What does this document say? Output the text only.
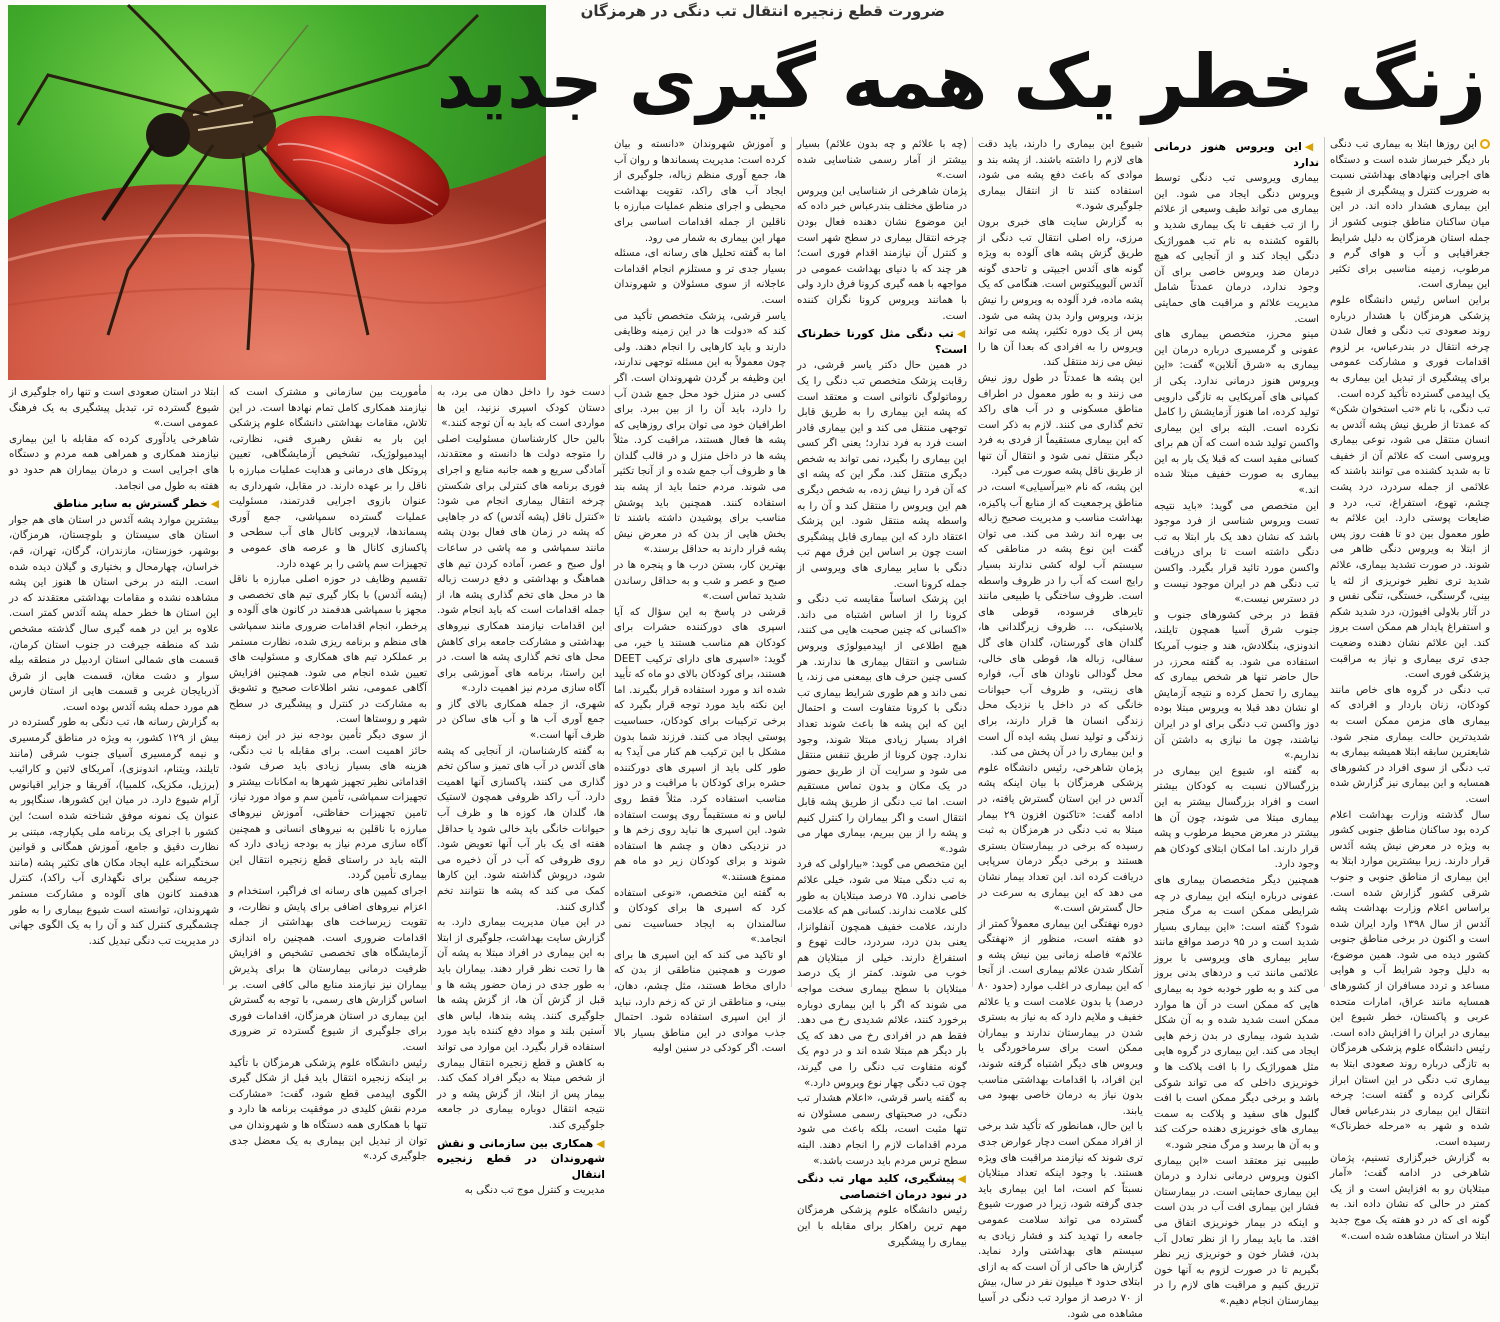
ضرورت قطع زنجیره انتقال تب دنگی در هرمزگان
زنگ خطر یک همه گیری جدید

این روزها ابتلا به بیماری تب دنگی بار دیگر خبرساز شده است و دستگاه های اجرایی ونهادهای بهداشتی نسبت به ضرورت کنترل و پیشگیری از شیوع این بیماری هشدار داده اند. در این میان ساکنان مناطق جنوبی کشور از جمله استان هرمزگان به دلیل شرایط جغرافیایی و آب و هوای گرم و مرطوب، زمینه مناسبی برای تکثیر این بیماری است.

براین اساس رئیس دانشگاه علوم پزشکی هرمزگان با هشدار درباره روند صعودی تب دنگی و فعال شدن چرخه انتقال در بندرعباس، بر لزوم اقدامات فوری و مشارکت عمومی برای پیشگیری از تبدیل این بیماری به یک اپیدمی گسترده تأکید کرده است.

تب دنگی، با نام «تب استخوان شکن» که عمدتا از طریق نیش پشه آئدس به انسان منتقل می شود، نوعی بیماری ویروسی است که علائم آن از خفیف تا به شدید کشنده می توانند باشند که علائمی از جمله سردرد، درد پشت چشم، تهوع، استفراغ، تب، درد و ضایعات پوستی دارد. این علائم به طور معمول بین دو تا هفت روز پس از ابتلا به ویروس دنگی ظاهر می شوند. در صورت تشدید بیماری، علائم شدید تری نظیر خونریزی از لثه یا بینی، گرسنگی، خستگی، تنگی نفس و در آثار بلاولی افیوژن، درد شدید شکم و استفراغ پایدار هم ممکن است بروز کند. این علائم نشان دهنده وضعیت جدی تری بیماری و نیاز به مراقبت پزشکی فوری است.

تب دنگی در گروه های خاص مانند کودکان، زنان باردار و افرادی که بیماری های مزمن ممکن است به شدیدترین حالت بیماری منجر شود. شایعترین سابقه ابتلا همیشه بیماری به تب دنگی از سوی افراد در کشورهای همسایه و این بیماری نیز گزارش شده است.

سال گذشته وزارت بهداشت اعلام کرده بود ساکنان مناطق جنوبی کشور به ویژه در معرض نیش پشه آئدس قرار دارند. زیرا بیشترین موارد ابتلا به این بیماری از مناطق جنوبی و جنوب شرقی کشور گزارش شده است. براساس اعلام وزارت بهداشت پشه آئدس از سال ۱۳۹۸ وارد ایران شده است و اکنون در برخی مناطق جنوبی کشور دیده می شود. همین موضوع، به دلیل وجود شرایط آب و هوایی مساعد و تردد مسافران از کشورهای همسایه مانند عراق، امارات متحده عربی و پاکستان، خطر شیوع این بیماری در ایران را افزایش داده است.

رئیس دانشگاه علوم پزشکی هرمزگان به تازگی درباره روند صعودی ابتلا به بیماری تب دنگی در این استان ابراز نگرانی کرده و گفته است: چرخه انتقال این بیماری در بندرعباس فعال شده و شهر به «مرحله خطرناک» رسیده است.

به گزارش خبرگزاری تسنیم، پژمان شاهرخی در ادامه گفت: «آمار مبتلایان رو به افزایش است و از یک کمتر در حالی که نشان داده اند. به گونه ای که در دو هفته یک موج جدید ابتلا در استان مشاهده شده است.»

◀این ویروس هنوز درمانی ندارد

بیماری ویروسی تب دنگی توسط ویروس دنگی ایجاد می شود. این بیماری می تواند طیف وسیعی از علائم را از تب خفیف تا یک بیماری شدید و بالقوه کشنده به نام تب هموراژیک دنگی ایجاد کند و از آنجایی که هیچ درمان ضد ویروس خاصی برای آن وجود ندارد، درمان عمدتاً شامل مدیریت علائم و مراقبت های حمایتی است.

مینو محرز، متخصص بیماری های عفونی و گرمسیری درباره درمان این بیماری به «شرق آنلاین» گفت: «این ویروس هنوز درمانی ندارد. یکی از کمپانی های آمریکایی به تازگی دارویی تولید کرده، اما هنوز آزمایشش را کامل نکرده است. البته برای این بیماری واکسن تولید شده است که آن هم برای کسانی مفید است که قبلا یک بار به این بیماری به صورت خفیف مبتلا شده اند.»

این متخصص می گوید: «باید نتیجه تست ویروس شناسی از فرد موجود باشد که نشان دهد یک بار ابتلا به تب دنگی داشته است تا برای دریافت واکسن مورد تائید قرار بگیرد. واکسن تب دنگی هم در ایران موجود نیست و در دسترس نیست.»

فقط در برخی کشورهای جنوب و جنوب شرق آسیا همچون تایلند، اندونزی، بنگلادش، هند و جنوب آمریکا استفاده می شود. به گفته محرز، در حال حاضر تنها هر شخص بیماری که بیماری را تحمل کرده و نتیجه آزمایش او نشان دهد قبلا به ویروس مبتلا بوده دوز واکسن تب دنگی برای او در ایران نیاشند، چون ما نیازی به داشتن آن نداریم.»

به گفته او، شیوع این بیماری در بزرگسالان نسبت به کودکان بیشتر است و افراد بزرگسال بیشتر به این بیماری مبتلا می شوند، چون آن ها بیشتر در معرض محیط مرطوب و پشه قرار دارند. اما امکان ابتلای کودکان هم وجود دارد.

همچنین دیگر متخصصان بیماری های عفونی درباره اینکه این بیماری در چه شرایطی ممکن است به مرگ منجر شود؟ گفته است: «این بیماری بسیار شدید است و در ۹۵ درصد مواقع مانند سایر بیماری های ویروسی با بروز علائمی مانند تب و دردهای بدنی بروز می کند و به طور خودبه خود به بیماری هایی که ممکن است در آن ها موارد ممکن است شدید شده و به آن شکل شدید شود، بیماری در بدن زخم هایی ایجاد می کند. این بیماری در گروه هایی مثل هموراژیک را با افت پلاکت ها و خونریزی داخلی که می تواند شوکی باشد و برخی دیگر ممکن است با افت گلبول های سفید و پلاکت به سمت بیماری های خونریزی دهنده حرکت کند و به آن ها برسد و مرگ منجر شود.»

طبیبی نیز معتقد است «این بیماری اکنون ویروس درمانی ندارد و درمان این بیماری حمایتی است. در بیمارستان فشار این بیماری افت آب در بدن است و اینکه در بیمار خونریزی اتفاق می افتد. ما باید بیمار را از نظر تعادل آب بدن، فشار خون و خونریزی زیر نظر بگیریم تا در صورت لزوم به آنها خون تزریق کنیم و مراقبت های لازم را در بیمارستان انجام دهیم.»

شیوع این بیماری را دارند، باید دقت های لازم را داشته باشند. از پشه بند و موادی که باعث دفع پشه می شود، استفاده کنند تا از انتقال بیماری جلوگیری شود.»

به گزارش سایت های خبری برون مرزی، راه اصلی انتقال تب دنگی از طریق گزش پشه های آلوده به ویژه گونه های آئدس اجیپتی و تاحدی گونه آئدس آلبوپیکتوس است. هنگامی که یک پشه ماده، فرد آلوده به ویروس را نیش بزند، ویروس وارد بدن پشه می شود. پس از یک دوره تکثیر، پشه می تواند ویروس را به افرادی که بعدا آن ها را نیش می زند منتقل کند.

این پشه ها عمدتاً در طول روز نیش می زنند و به طور معمول در اطراف مناطق مسکونی و در آب های راکد تخم گذاری می کنند. لازم به ذکر است که این بیماری مستقیماً از فردی به فرد دیگر منتقل نمی شود و انتقال آن تنها از طریق ناقل پشه صورت می گیرد.

این پشه، که نام «بیرآسیایی» است، در مناطق پرجمعیت که از منابع آب پاکیزه، بهداشت مناسب و مدیریت صحیح زباله بی بهره اند رشد می کند. می توان گفت این نوع پشه در مناطقی که سیستم آب لوله کشی ندارند بسیار رایج است که آب را در ظروف واسطه است. ظروف ساختگی یا طبیعی مانند تایرهای فرسوده، قوطی های پلاستیکی، ... ظروف زیرگلدانی ها، گلدان های گورستان، گلدان های گل سفالی، زباله ها، قوطی های خالی، محل گودالی ناودان های آب، فواره های زینتی، و ظروف آب حیوانات خانگی که در داخل یا نزدیک محل زندگی انسان ها قرار دارند، برای زندگی و تولید نسل پشه ایده آل است و این بیماری را در آن پخش می کند.

پژمان شاهرخی، رئیس دانشگاه علوم پزشکی هرمزگان با بیان اینکه پشه آئدس در این استان گسترش یافته، در ادامه گفت: «تاکنون افزون ۲۹ بیمار مبتلا به تب دنگی در هرمزگان به ثبت رسیده که برخی در بیمارستان بستری هستند و برخی دیگر درمان سرپایی دریافت کرده اند. این تعداد بیمار نشان می دهد که این بیماری به سرعت در حال گسترش است.»

دوره نهفتگی این بیماری معمولاً کمتر از دو هفته است، منظور از «نهفتگی علائم» فاصله زمانی بین نیش پشه و آشکار شدن علائم بیماری است. از آنجا که این بیماری در اغلب موارد (حدود ۸۰ درصد) یا بدون علامت است و یا علائم خفیف و ملایم دارد که به نیاز به بستری شدن در بیمارستان ندارند و بیماران ممکن است برای سرماخوردگی یا ویروس های دیگر اشتباه گرفته شوند، این افراد، با اقدامات بهداشتی مناسب بدون نیاز به درمان خاصی بهبود می یابند.

با این حال، همانطور که تأکید شد برخی از افراد ممکن است دچار عوارض جدی تری شوند که نیازمند مراقبت های ویژه هستند. با وجود اینکه تعداد مبتلایان نسبتاً کم است، اما این بیماری باید جدی گرفته شود، زیرا در صورت شیوع گسترده می تواند سلامت عمومی جامعه را تهدید کند و فشار زیادی به سیستم های بهداشتی وارد نماید. گزارش ها حاکی از آن است که به ازای ابتلای حدود ۴ میلیون نفر در سال، بیش از ۷۰ درصد از موارد تب دنگی در آسیا مشاهده می شود.

(چه با علائم و چه بدون علائم) بسیار بیشتر از آمار رسمی شناسایی شده است.»

پژمان شاهرخی از شناسایی این ویروس در مناطق مختلف بندرعباس خبر داده که این موضوع نشان دهنده فعال بودن چرخه انتقال بیماری در سطح شهر است و کنترل آن نیازمند اقدام فوری است؛ هر چند که با دنیای بهداشت عمومی در مواجهه با همه گیری کرونا فرق دارد ولی با همانند ویروس کرونا نگران کننده است.

◀تب دنگی مثل کورنا خطرناک است؟

در همین حال دکتر یاسر قرشی، در رقابت پزشک متخصص تب دنگی را یک روماتولوگ ناتوانی است و معتقد است که پشه این بیماری را به طریق قابل توجهی منتقل می کند و این بیماری قادر است فرد به فرد ندارد؛ یعنی اگر کسی این بیماری را بگیرد، نمی تواند به شخص دیگری منتقل کند. مگر این که پشه ای که آن فرد را نیش زده، به شخص دیگری هم این ویروس را منتقل کند و آن را به واسطه پشه منتقل شود. این پزشک اعتقاد دارد که این بیماری قابل پیشگیری است چون بر اساس این فرق مهم تب دنگی با سایر بیماری های ویروسی از جمله کرونا است.

این پزشک اساساً مقایسه تب دنگی و کرونا را از اساس اشتباه می داند. «اکسانی که چنین صحبت هایی می کنند، هیچ اطلاعی از اپیدمیولوژی ویروس شناسی و انتقال بیماری ها ندارند. هر کسی چنین حرف های بیمعنی می زند، یا نمی داند و هم طوری شرایط بیماری تب دنگی با کرونا متفاوت است و احتمال این که این پشه ها باعث شوند تعداد افراد بسیار زیادی مبتلا شوند، وجود ندارد. چون کرونا از طریق تنفس منتقل می شود و سرایت آن از طریق حضور در یک مکان و بدون تماس مستقیم است. اما تب دنگی از طریق پشه قابل انتقال است و اگر بیماران را کنترل کنیم و پشه را از بین ببریم، بیماری مهار می شود.»

این متخصص می گوید: «بیاراولی که فرد به تب دنگی مبتلا می شود، خیلی علائم خاصی ندارد. ۷۵ درصد مبتلایان به طور کلی علامت ندارند. کسانی هم که علامت دارند، علامت خفیف همچون آنفلوانزا، یعنی بدن درد، سردرد، حالت تهوع و استفراغ دارند. خیلی از مبتلایان هم خوب می شوند. کمتر از یک درصد مبتلایان با سطح بیماری سخت مواجه می شوند که اگر با این بیماری دوباره برخورد کنند، علائم شدیدی رخ می دهد. فقط هم در افرادی رخ می دهد که یک بار دیگر هم مبتلا شده اند و در دوم یک گونه متفاوت تب دنگی را می گیرند، چون تب دنگی چهار نوع ویروس دارد.»

به گفته یاسر قرشی، «اعلام هشدار تب دنگی، در صحبتهای رسمی مسئولان نه تنها مثبت است، بلکه باعث می شود مردم اقدامات لازم را انجام دهند. البته سطح ترس مردم باید درست باشد.»

◀پیشگیری، کلید مهار تب دنگی در نبود درمان اختصاصی

رئیس دانشگاه علوم پزشکی هرمزگان مهم ترین راهکار برای مقابله با این بیماری را پیشگیری

و آموزش شهروندان «دانسته و بیان کرده است: مدیریت پسماندها و روان آب ها، جمع آوری منظم زباله، جلوگیری از ایجاد آب های راکد، تقویت بهداشت محیطی و اجرای منظم عملیات مبارزه با ناقلین از جمله اقدامات اساسی برای مهار این بیماری به شمار می رود.

اما به گفته تحلیل های رسانه ای، مسئله بسیار جدی تر و مستلزم انجام اقدامات عاجلانه از سوی مسئولان و شهروندان است.

یاسر قرشی، پزشک متخصص تأکید می کند که «دولت ها در این زمینه وظایفی دارند و باید کارهایی را انجام دهند. ولی چون معمولاً به این مسئله توجهی ندارند، این وظیفه بر گردن شهروندان است. اگر کسی در منزل خود محل جمع شدن آب را دارد، باید آن را از بین ببرد. برای اطرافیان خود می توان برای روزهایی که پشه ها فعال هستند، مراقبت کرد. مثلاً پشه ها در داخل منزل و در قالب گلدان ها و ظروف آب جمع شده و از آنجا تکثیر می شوند. مردم حتما باید از پشه بند استفاده کنند. همچنین باید پوشش مناسب برای پوشیدن داشته باشند تا بخش هایی از بدن که در معرض نیش پشه قرار دارند به حداقل برسند.»

بهترین کار، بستن درب ها و پنجره ها در صبح و عصر و شب و به حداقل رساندن شدید تماس است.»

قرشی در پاسخ به این سؤال که آیا اسپری های دورکننده حشرات برای کودکان هم مناسب هستند یا خیر، می گوید: «اسپری های دارای ترکیب DEET هستند، برای کودکان بالای دو ماه که تأیید شده اند و مورد استفاده قرار بگیرند. اما این نکته باید مورد توجه قرار بگیرد که برخی ترکیبات برای کودکان، حساسیت پوستی ایجاد می کنند. فرزند شما بدون مشکل با این ترکیب هم کنار می آید؟ به طور کلی باید از اسپری های دورکننده حشره برای کودکان با مراقبت و در دوز مناسب استفاده کرد. مثلاً فقط روی لباس و نه مستقیماً روی پوست استفاده شود. این اسپری ها نباید روی زخم ها و در نزدیکی دهان و چشم ها استفاده شوند و برای کودکان زیر دو ماه هم ممنوع هستند.»

به گفته این متخصص، «نوعی استفاده کرد که اسپری ها برای کودکان و سالمندان به ایجاد حساسیت نمی انجامد.»

او تاکید می کند که این اسپری ها برای صورت و همچنین مناطقی از بدن که دارای مخاط هستند، مثل چشم، دهان، بینی، و مناطقی از تن که زخم دارد، نباید از این اسپری استفاده شود. احتمال جذب موادی در این مناطق بسیار بالا است. اگر کودکی در سنین اولیه

دست خود را داخل دهان می برد، به دستان کودک اسپری نزنید، این ها مواردی است که باید به آن توجه کنند.»

بالین حال کارشناسان مسئولیت اصلی را متوجه دولت ها دانسته و معتقدند، آمادگی سریع و همه جانبه منابع و اجرای فوری برنامه های کنترلی برای شکستن چرخه انتقال بیماری انجام می شود: «کنترل ناقل (پشه آئدس) که در جاهایی که پشه در زمان های فعال بودن پشه مانند سمپاشی و مه پاشی در ساعات اول صبح و عصر، آماده کردن تیم های هماهنگ و بهداشتی و دفع درست زباله ها در محل های تخم گذاری پشه ها، از جمله اقدامات است که باید انجام شود. این اقدامات نیازمند همکاری نیروهای بهداشتی و مشارکت جامعه برای کاهش محل های تخم گذاری پشه ها است. در این راستا، برنامه های آموزشی برای آگاه سازی مردم نیز اهمیت دارد.»

شهری، از جمله همکاری بالای گاز و جمع آوری آب ها و آب های ساکن در ظرف آنها است.»

به گفته کارشناسان، از آنجایی که پشه های آئدس در آب های تمیز و ساکن تخم گذاری می کنند، پاکسازی آنها اهمیت دارد. آب راکد ظروفی همچون لاستیک ها، گلدان ها، کوزه ها و ظرف آب حیوانات خانگی باید خالی شود یا حداقل هفته ای یک بار آب آنها تعویض شود. روی ظروفی که آب در آن ذخیره می شود، درپوش گذاشته شود. این کارها کمک می کند که پشه ها نتوانند تخم گذاری کنند.

در این میان مدیریت بیماری دارد. به گزارش سایت بهداشت، جلوگیری از ابتلا به این بیماری در افراد مبتلا به پشه آن ها را تحت نظر قرار دهند. بیماران باید به طور جدی در زمان حضور پشه ها و قبل از گزش آن ها، از گزش پشه ها جلوگیری کنند. پشه بندها، لباس های آستین بلند و مواد دفع کننده باید مورد استفاده قرار بگیرد. این موارد می تواند به کاهش و قطع زنجیره انتقال بیماری از شخص مبتلا به دیگر افراد کمک کند. بیمار پس از ابتلا، از گزش پشه و در نتیجه انتقال دوباره بیماری در جامعه جلوگیری کند.

◀همکاری بین سازمانی و نقش شهروندان در قطع زنجیره انتقال

مدیریت و کنترل موج تب دنگی به

مأموریت بین سازمانی و مشترک است که نیازمند همکاری کامل تمام نهادها است. در این تلاش، مقامات بهداشتی دانشگاه علوم پزشکی این بار به نقش رهبری فنی، نظارتی، اپیدمیولوژیک، تشخیص آزمایشگاهی، تعیین پروتکل های درمانی و هدایت عملیات مبارزه با ناقل را بر عهده دارند. در مقابل، شهرداری به عنوان بازوی اجرایی قدرتمند، مسئولیت عملیات گسترده سمپاشی، جمع آوری پسماندها، لایروبی کانال های آب سطحی و پاکسازی کانال ها و عرصه های عمومی و تجهیزات سم پاشی را بر عهده دارد.

تقسیم وظایف در حوزه اصلی مبارزه با ناقل (پشه آئدس) با بکار گیری تیم های تخصصی و مجهز با سمپاشی هدفمند در کانون های آلوده و پرخطر، انجام اقدامات ضروری مانند سمپاشی های منظم و برنامه ریزی شده، نظارت مستمر بر عملکرد تیم های همکاری و مسئولیت های تعیین شده انجام می شود. همچنین افزایش آگاهی عمومی، نشر اطلاعات صحیح و تشویق به مشارکت در کنترل و پیشگیری در سطح شهر و روستاها است.

از سوی دیگر تأمین بودجه نیز در این زمینه حائز اهمیت است. برای مقابله با تب دنگی، هزینه های بسیار زیادی باید صرف شود. اقداماتی نظیر تجهیز شهرها به امکانات بیشتر و تجهیزات سمپاشی، تأمین سم و مواد مورد نیاز، تامین تجهیزات حفاظتی، آموزش نیروهای مبارزه با ناقلین به نیروهای انسانی و همچنین آگاه سازی مردم نیاز به بودجه زیادی دارد که البته باید در راستای قطع زنجیره انتقال این بیماری تأمین گردد.

اجرای کمپین های رسانه ای فراگیر، استخدام و اعزام نیروهای اضافی برای پایش و نظارت، و تقویت زیرساخت های بهداشتی از جمله اقدامات ضروری است. همچنین راه اندازی آزمایشگاه های تخصصی تشخیص و افزایش ظرفیت درمانی بیمارستان ها برای پذیرش بیماران نیز نیازمند منابع مالی کافی است. بر اساس گزارش های رسمی، با توجه به گسترش این بیماری در استان هرمزگان، اقدامات فوری برای جلوگیری از شیوع گسترده تر ضروری است.

رئیس دانشگاه علوم پزشکی هرمزگان با تأکید بر اینکه زنجیره انتقال باید قبل از شکل گیری الگوی اپیدمی قطع شود، گفت: «مشارکت مردم نقش کلیدی در موفقیت برنامه ها دارد و تنها با همکاری همه دستگاه ها و شهروندان می توان از تبدیل این بیماری به یک معضل جدی جلوگیری کرد.»

ابتلا در استان صعودی است و تنها راه جلوگیری از شیوع گسترده تر، تبدیل پیشگیری به یک فرهنگ عمومی است.»

شاهرخی یادآوری کرده که مقابله با این بیماری نیازمند همکاری و همراهی همه مردم و دستگاه های اجرایی است و درمان بیماران هم حدود دو هفته به طول می انجامد.

◀خطر گسترش به سایر مناطق

بیشترین موارد پشه آئدس در استان های هم جوار استان های سیستان و بلوچستان، هرمزگان، بوشهر، خوزستان، مازندران، گرگان، تهران، قم، خراسان، چهارمحال و بختیاری و گیلان دیده شده است. البته در برخی استان ها هنوز این پشه مشاهده نشده و مقامات بهداشتی معتقدند که در این استان ها خطر حمله پشه آئدس کمتر است. علاوه بر این در همه گیری سال گذشته مشخص شد که منطقه جیرفت در جنوب استان کرمان، قسمت های شمالی استان اردبیل در منطقه بیله سوار و دشت مغان، قسمت هایی از شرق آذربایجان غربی و قسمت هایی از استان فارس هم مورد حمله پشه آئدس بوده است.

به گزارش رسانه ها، تب دنگی به طور گسترده در بیش از ۱۲۹ کشور، به ویژه در مناطق گرمسیری و نیمه گرمسیری آسیای جنوب شرقی (مانند تایلند، ویتنام، اندونزی)، آمریکای لاتین و کارائیب (برزیل، مکزیک، کلمبیا)، آفریقا و جزایر اقیانوس آرام شیوع دارد. در میان این کشورها، سنگاپور به عنوان یک نمونه موفق شناخته شده است؛ این کشور با اجرای یک برنامه ملی یکپارچه، مبتنی بر نظارت دقیق و جامع، آموزش همگانی و قوانین سختگیرانه علیه ایجاد مکان های تکثیر پشه (مانند جریمه سنگین برای نگهداری آب راکد)، کنترل هدفمند کانون های آلوده و مشارکت مستمر شهروندان، توانسته است شیوع بیماری را به طور چشمگیری کنترل کند و آن را به یک الگوی جهانی در مدیریت تب دنگی تبدیل کند.
